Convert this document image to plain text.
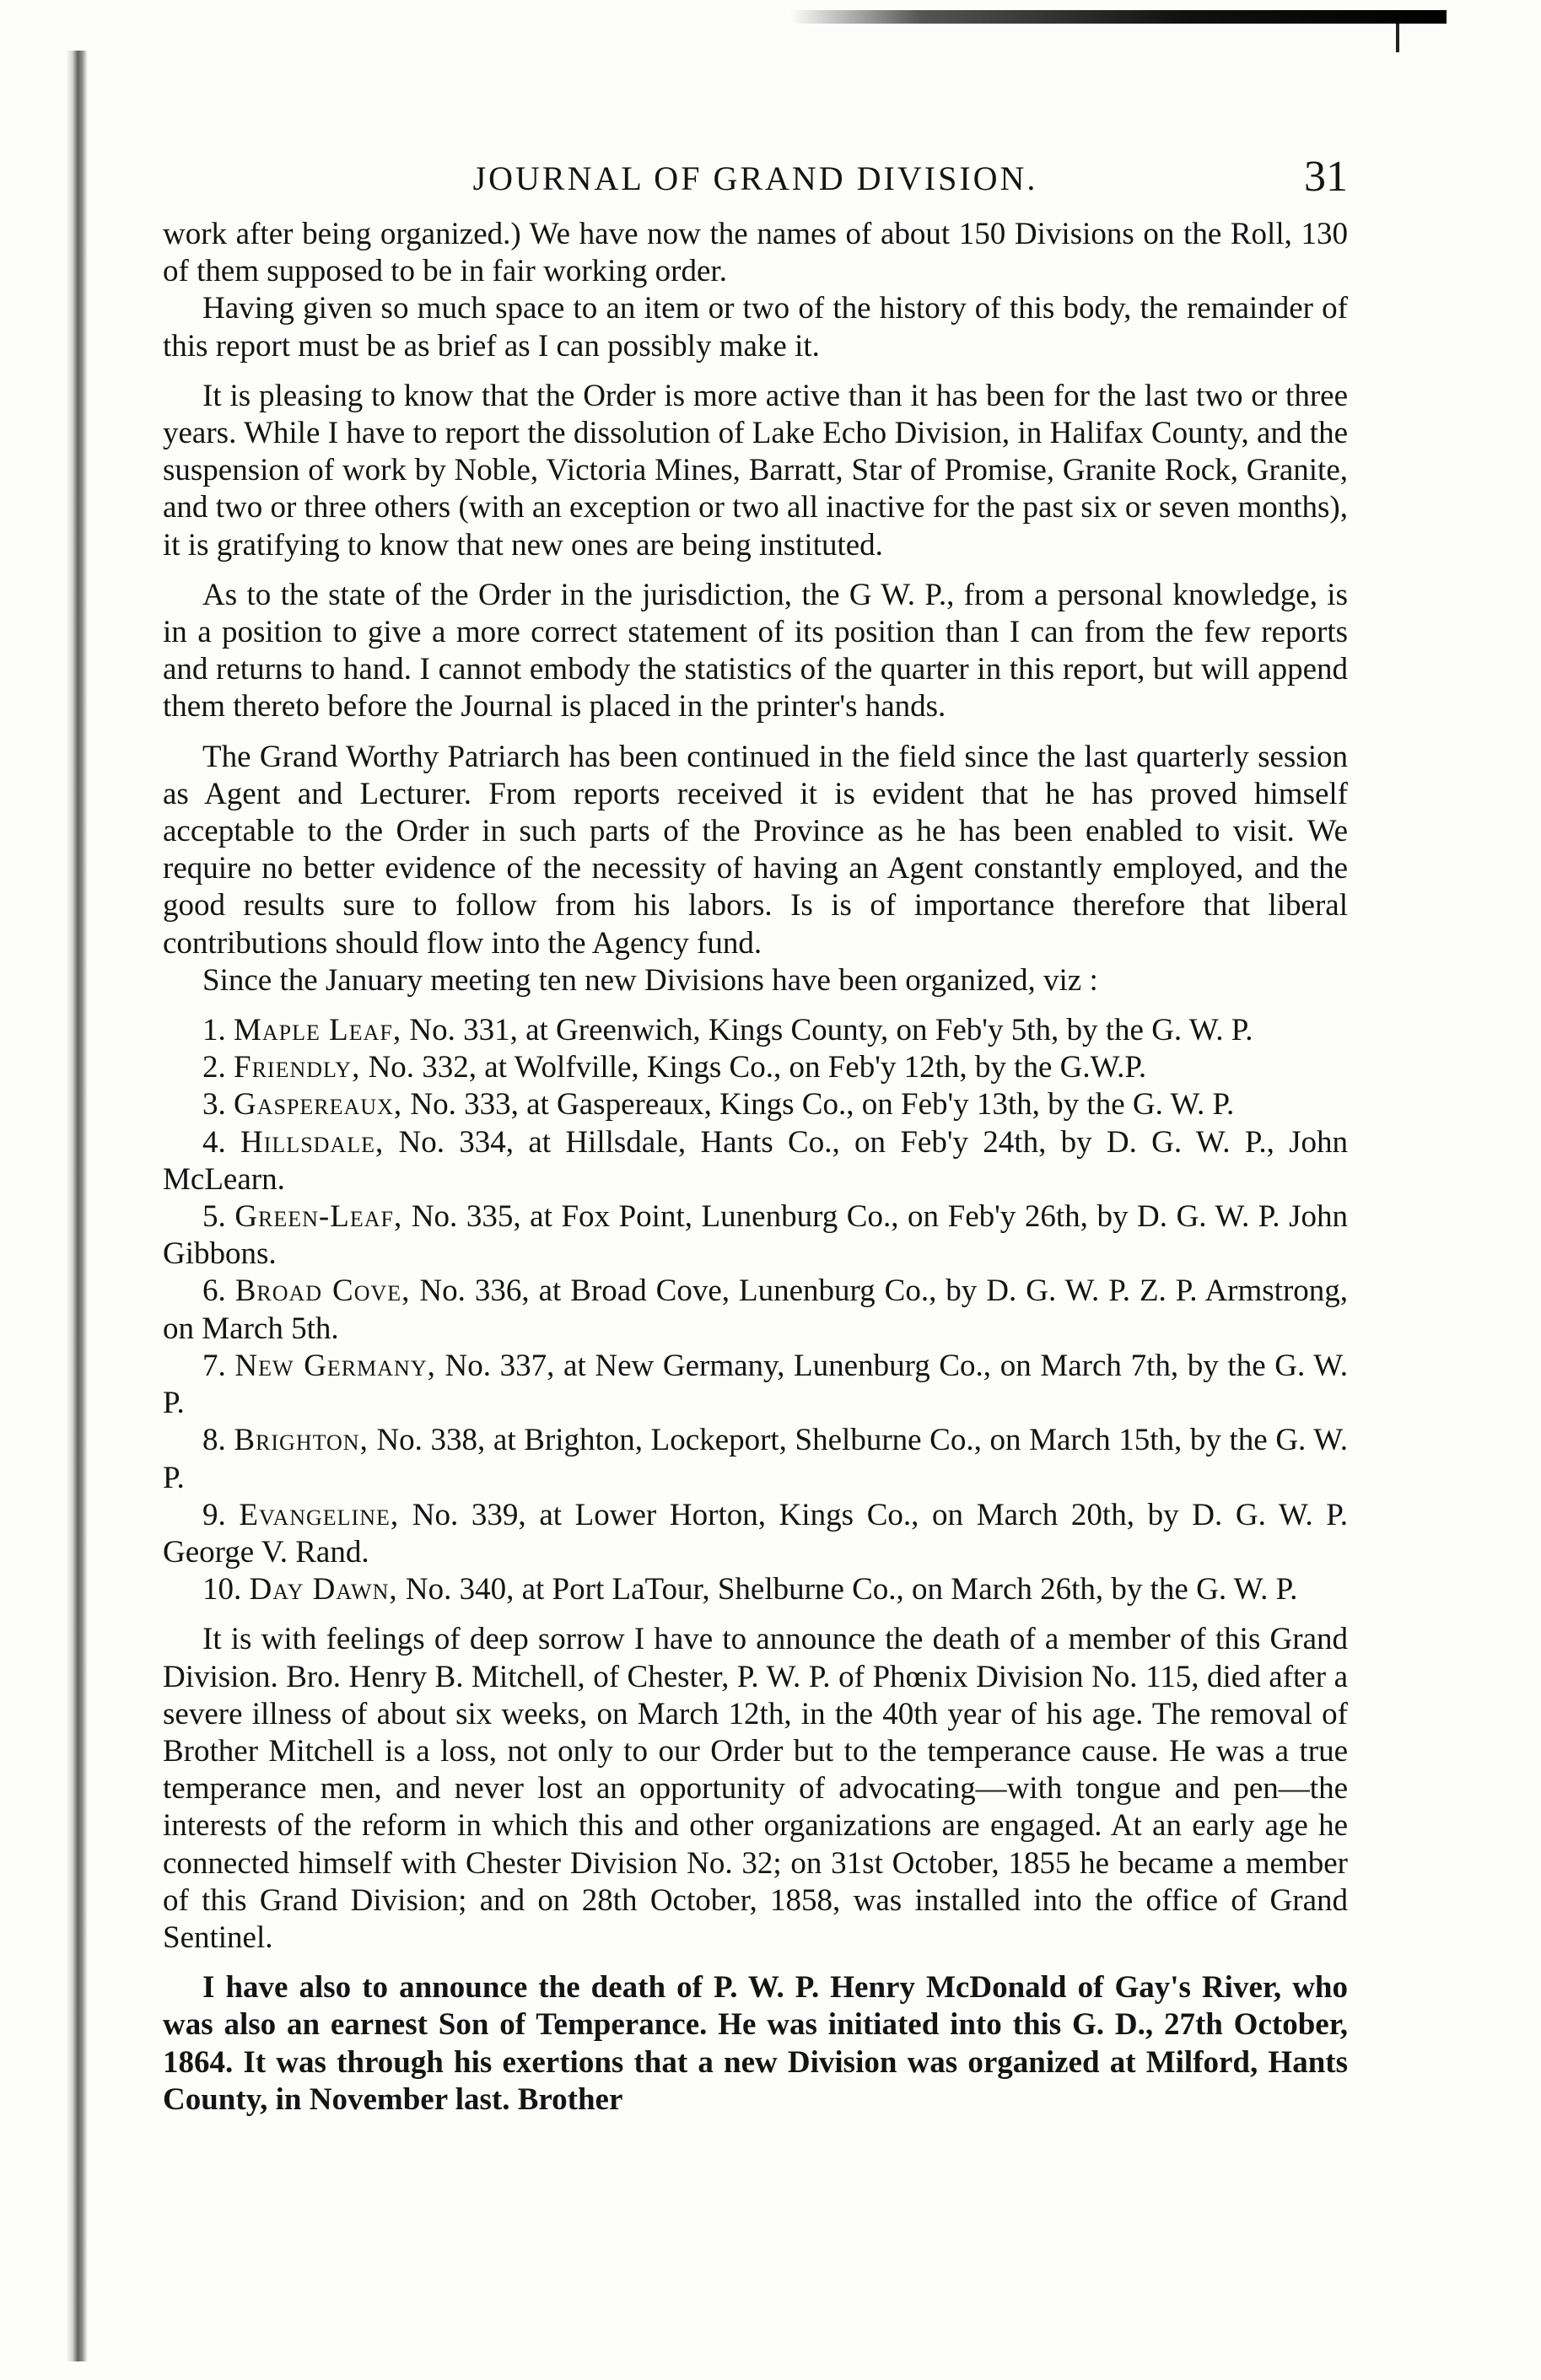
JOURNAL OF GRAND DIVISION.	31

work after being organized.) We have now the names of about 150 Divisions on the Roll, 130 of them supposed to be in fair working order.

Having given so much space to an item or two of the history of this body, the remainder of this report must be as brief as I can possibly make it.

It is pleasing to know that the Order is more active than it has been for the last two or three years. While I have to report the dissolution of Lake Echo Division, in Halifax County, and the suspension of work by Noble, Victoria Mines, Barratt, Star of Promise, Granite Rock, Granite, and two or three others (with an exception or two all inactive for the past six or seven months), it is gratifying to know that new ones are being instituted.

As to the state of the Order in the jurisdiction, the G W. P., from a personal knowledge, is in a position to give a more correct statement of its position than I can from the few reports and returns to hand. I cannot embody the statistics of the quarter in this report, but will append them thereto before the Journal is placed in the printer's hands.

The Grand Worthy Patriarch has been continued in the field since the last quarterly session as Agent and Lecturer. From reports received it is evident that he has proved himself acceptable to the Order in such parts of the Province as he has been enabled to visit. We require no better evidence of the necessity of having an Agent constantly employed, and the good results sure to follow from his labors. Is is of importance therefore that liberal contributions should flow into the Agency fund.

Since the January meeting ten new Divisions have been organized, viz :

1. Maple Leaf, No. 331, at Greenwich, Kings County, on Feb'y 5th, by the G. W. P.

2. Friendly, No. 332, at Wolfville, Kings Co., on Feb'y 12th, by the G.W.P.

3. Gaspereaux, No. 333, at Gaspereaux, Kings Co., on Feb'y 13th, by the G. W. P.

4. Hillsdale, No. 334, at Hillsdale, Hants Co., on Feb'y 24th, by D. G. W. P., John McLearn.

5. Green-Leaf, No. 335, at Fox Point, Lunenburg Co., on Feb'y 26th, by D. G. W. P. John Gibbons.

6. Broad Cove, No. 336, at Broad Cove, Lunenburg Co., by D. G. W. P. Z. P. Armstrong, on March 5th.

7. New Germany, No. 337, at New Germany, Lunenburg Co., on March 7th, by the G. W. P.

8. Brighton, No. 338, at Brighton, Lockeport, Shelburne Co., on March 15th, by the G. W. P.

9. Evangeline, No. 339, at Lower Horton, Kings Co., on March 20th, by D. G. W. P. George V. Rand.

10. Day Dawn, No. 340, at Port LaTour, Shelburne Co., on March 26th, by the G. W. P.

It is with feelings of deep sorrow I have to announce the death of a member of this Grand Division. Bro. Henry B. Mitchell, of Chester, P. W. P. of Phœnix Division No. 115, died after a severe illness of about six weeks, on March 12th, in the 40th year of his age. The removal of Brother Mitchell is a loss, not only to our Order but to the temperance cause. He was a true temperance men, and never lost an opportunity of advocating—with tongue and pen—the interests of the reform in which this and other organizations are engaged. At an early age he connected himself with Chester Division No. 32; on 31st October, 1855 he became a member of this Grand Division; and on 28th October, 1858, was installed into the office of Grand Sentinel.

I have also to announce the death of P. W. P. Henry McDonald of Gay's River, who was also an earnest Son of Temperance. He was initiated into this G. D., 27th October, 1864. It was through his exertions that a new Division was organized at Milford, Hants County, in November last. Brother
